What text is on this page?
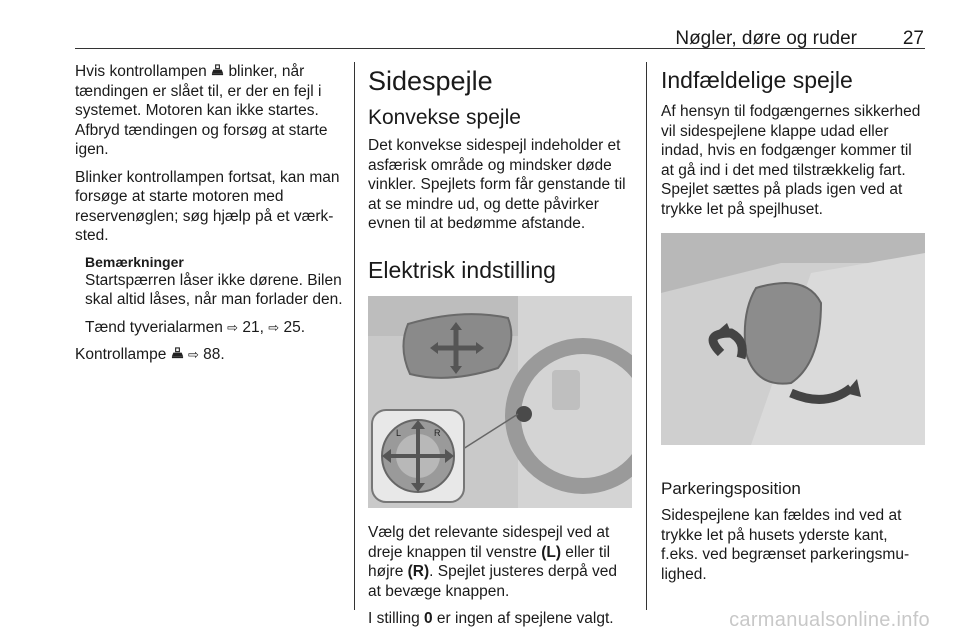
Nøgler, døre og ruder 27

Hvis kontrollampen  blinker, når tændingen er slået til, er der en fejl i systemet. Motoren kan ikke startes. Afbryd tændingen og forsøg at starte igen.

Blinker kontrollampen fortsat, kan man forsøge at starte motoren med reservenøglen; søg hjælp på et værksted.

Bemærkninger

Startspærren låser ikke dørene. Bilen skal altid låses, når man forlader den.

Tænd tyverialarmen ⇨ 21, ⇨ 25.

Kontrollampe  ⇨ 88.

Sidespejle
Konvekse spejle

Det konvekse sidespejl indeholder et asfærisk område og mindsker døde vinkler. Spejlets form får genstande til at se mindre ud, og dette påvirker evnen til at bedømme afstande.

Elektrisk indstilling
L	R

Vælg det relevante sidespejl ved at dreje knappen til venstre (L) eller til højre (R). Spejlet justeres derpå ved at bevæge knappen.

I stilling 0 er ingen af spejlene valgt.

Indfældelige spejle

Af hensyn til fodgængernes sikkerhed vil sidespejlene klappe udad eller indad, hvis en fodgænger kommer til at gå ind i det med tilstrækkelig fart. Spejlet sættes på plads igen ved at trykke let på spejlhuset.

Parkeringsposition

Sidespejlene kan fældes ind ved at trykke let på husets yderste kant, f.eks. ved begrænset parkeringsmulighed.

carmanualsonline.info
